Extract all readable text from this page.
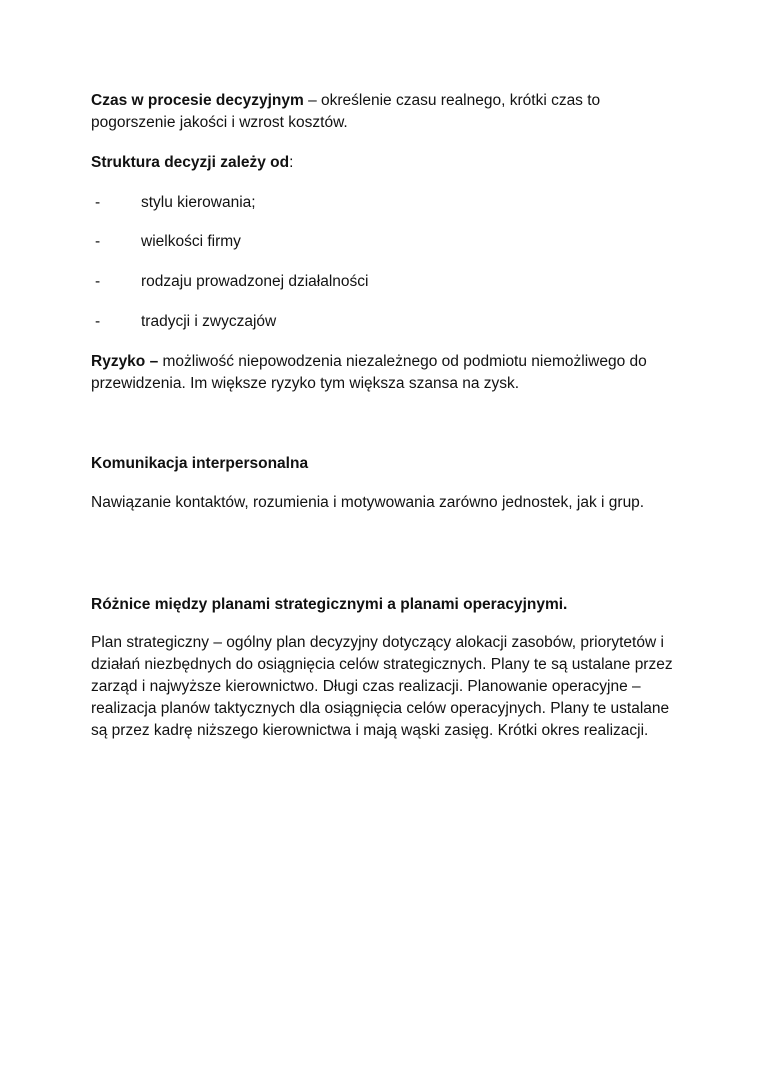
Czas w procesie decyzyjnym – określenie czasu realnego, krótki czas to pogorszenie jakości i wzrost kosztów.

Struktura decyzji zależy od:

-	stylu kierowania;
-	wielkości firmy
-	rodzaju prowadzonej działalności
-	tradycji i zwyczajów

Ryzyko – możliwość niepowodzenia niezależnego od podmiotu niemożliwego do przewidzenia. Im większe ryzyko tym większa szansa na zysk.

Komunikacja interpersonalna

Nawiązanie kontaktów, rozumienia i motywowania zarówno jednostek, jak i grup.

Różnice między planami strategicznymi a planami operacyjnymi.

Plan strategiczny – ogólny plan decyzyjny dotyczący alokacji zasobów, priorytetów i działań niezbędnych do osiągnięcia celów strategicznych. Plany te są ustalane przez zarząd i najwyższe kierownictwo. Długi czas realizacji. Planowanie operacyjne – realizacja planów taktycznych dla osiągnięcia celów operacyjnych. Plany te ustalane są przez kadrę niższego kierownictwa i mają wąski zasięg. Krótki okres realizacji.
